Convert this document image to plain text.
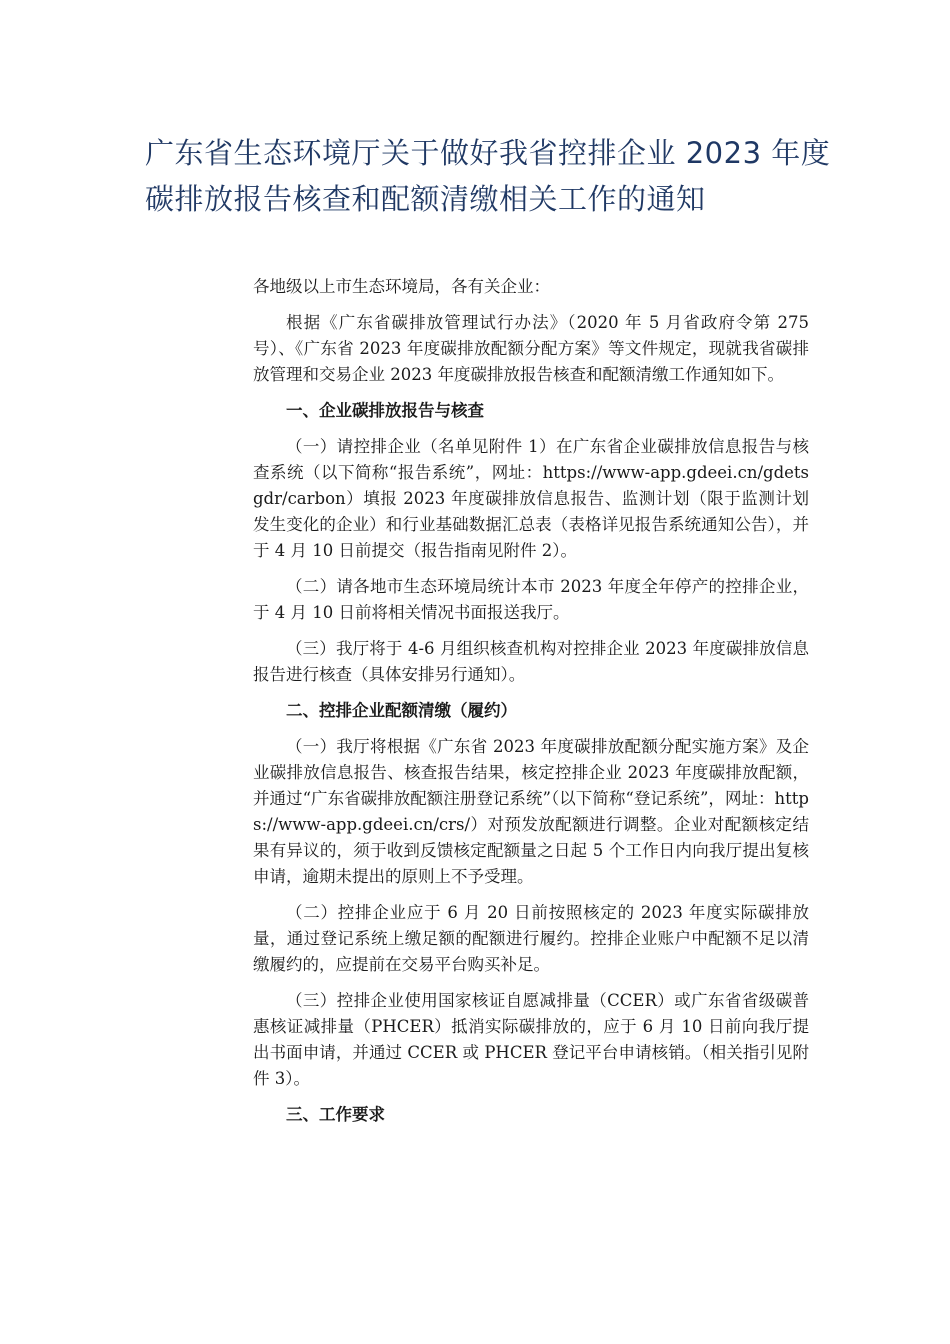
广东省生态环境厅关于做好我省控排企业 2023 年度
碳排放报告核查和配额清缴相关工作的通知

各地级以上市生态环境局，各有关企业：

根据《广东省碳排放管理试行办法》（2020 年 5 月省政府令第 275 号）、《广东省 2023 年度碳排放配额分配方案》等文件规定，现就我省碳排放管理和交易企业 2023 年度碳排放报告核查和配额清缴工作通知如下。

一、企业碳排放报告与核查

（一）请控排企业（名单见附件 1）在广东省企业碳排放信息报告与核查系统（以下简称“报告系统”，网址：https://www-app.gdeei.cn/gdetsgdr/carbon）填报 2023 年度碳排放信息报告、监测计划（限于监测计划发生变化的企业）和行业基础数据汇总表（表格详见报告系统通知公告），并于 4 月 10 日前提交（报告指南见附件 2）。

（二）请各地市生态环境局统计本市 2023 年度全年停产的控排企业，于 4 月 10 日前将相关情况书面报送我厅。

（三）我厅将于 4-6 月组织核查机构对控排企业 2023 年度碳排放信息报告进行核查（具体安排另行通知）。

二、控排企业配额清缴（履约）

（一）我厅将根据《广东省 2023 年度碳排放配额分配实施方案》及企业碳排放信息报告、核查报告结果，核定控排企业 2023 年度碳排放配额，并通过“广东省碳排放配额注册登记系统”（以下简称“登记系统”，网址：https://www-app.gdeei.cn/crs/）对预发放配额进行调整。企业对配额核定结果有异议的，须于收到反馈核定配额量之日起 5 个工作日内向我厅提出复核申请，逾期未提出的原则上不予受理。

（二）控排企业应于 6 月 20 日前按照核定的 2023 年度实际碳排放量，通过登记系统上缴足额的配额进行履约。控排企业账户中配额不足以清缴履约的，应提前在交易平台购买补足。

（三）控排企业使用国家核证自愿减排量（CCER）或广东省省级碳普惠核证减排量（PHCER）抵消实际碳排放的，应于 6 月 10 日前向我厅提出书面申请，并通过 CCER 或 PHCER 登记平台申请核销。（相关指引见附件 3）。

三、工作要求
